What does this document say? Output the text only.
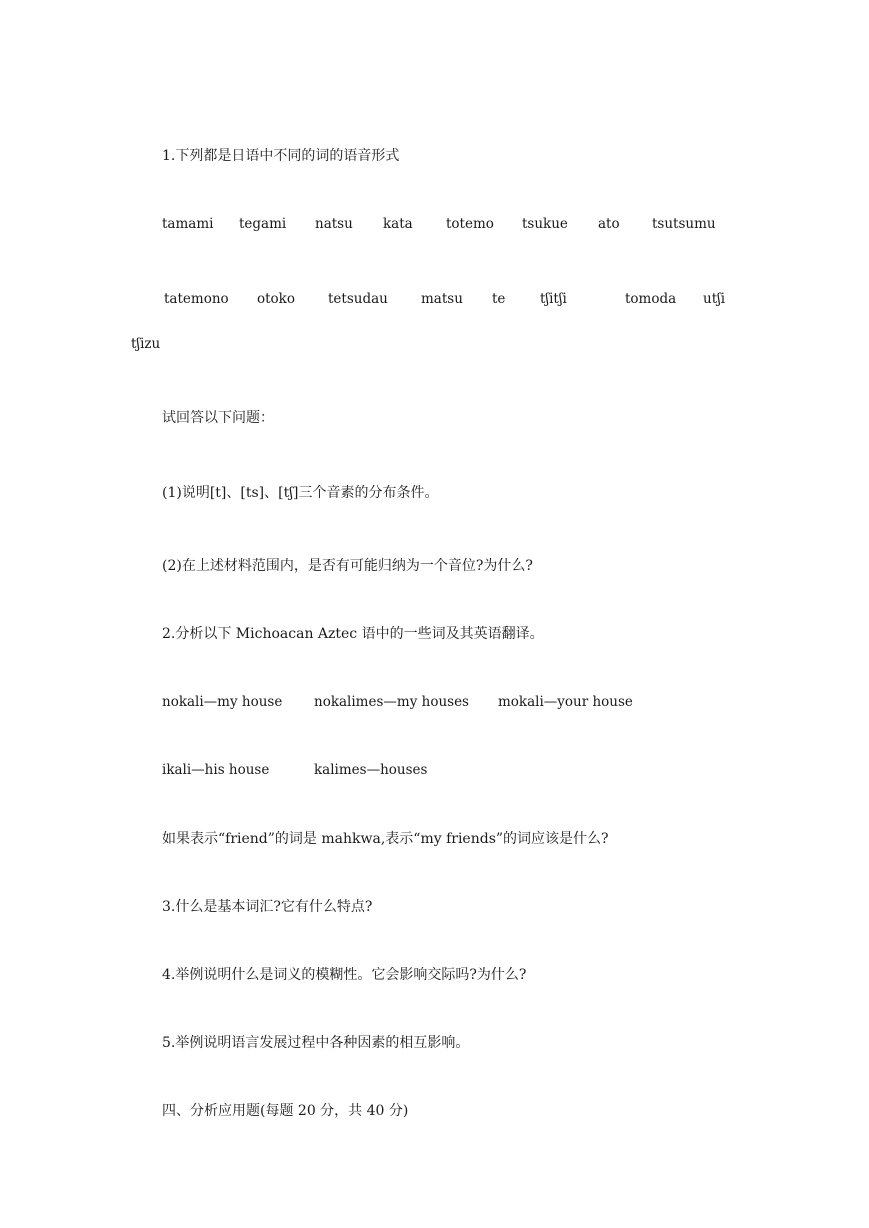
1.下列都是日语中不同的词的语音形式
tamami tegami natsu kata totemo tsukue ato tsutsumu
tatemono otoko tetsudau matsu te	tʃitʃi	tomoda utʃi
tʃizu
试回答以下问题：
(1)说明[t]、[ts]、[tʃ]三个音素的分布条件。
(2)在上述材料范围内，是否有可能归纳为一个音位?为什么?
2.分析以下 Michoacan Aztec 语中的一些词及其英语翻译。
nokali—my house nokalimes—my houses mokali—your house
ikali—his house	kalimes—houses
如果表示“friend”的词是 mahkwa,表示“my friends”的词应该是什么?
3.什么是基本词汇?它有什么特点?
4.举例说明什么是词义的模糊性。它会影响交际吗?为什么?
5.举例说明语言发展过程中各种因素的相互影响。
四、分析应用题(每题 20 分，共 40 分)
